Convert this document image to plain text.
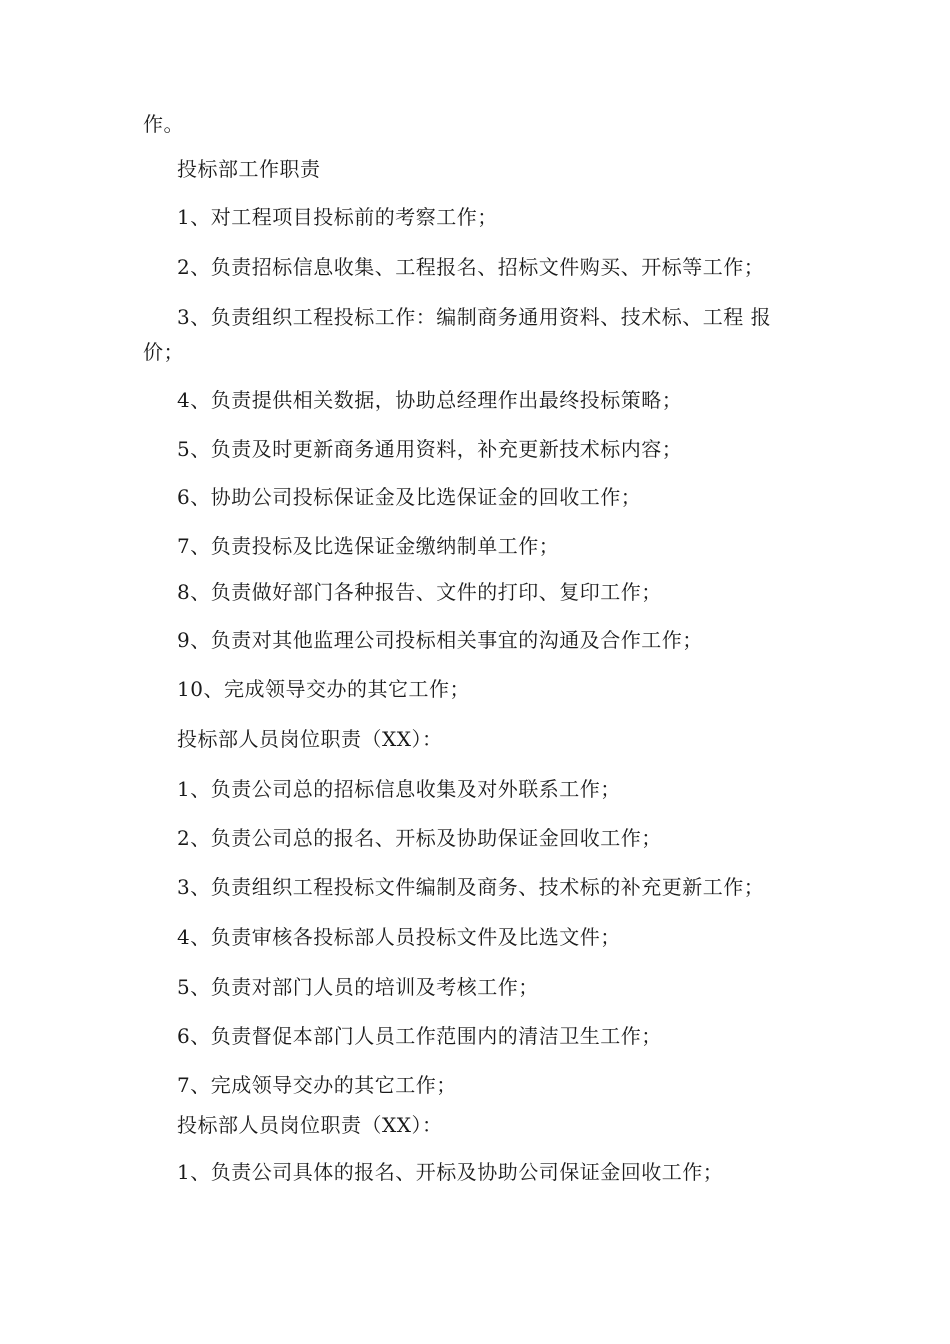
作。
投标部工作职责
1、对工程项目投标前的考察工作；
2、负责招标信息收集、工程报名、招标文件购买、开标等工作；
3、负责组织工程投标工作：编制商务通用资料、技术标、工程 报
价；
4、负责提供相关数据，协助总经理作出最终投标策略；
5、负责及时更新商务通用资料，补充更新技术标内容；
6、协助公司投标保证金及比选保证金的回收工作；
7、负责投标及比选保证金缴纳制单工作；
8、负责做好部门各种报告、文件的打印、复印工作；
9、负责对其他监理公司投标相关事宜的沟通及合作工作；
10、完成领导交办的其它工作；
投标部人员岗位职责（XX）：
1、负责公司总的招标信息收集及对外联系工作；
2、负责公司总的报名、开标及协助保证金回收工作；
3、负责组织工程投标文件编制及商务、技术标的补充更新工作；
4、负责审核各投标部人员投标文件及比选文件；
5、负责对部门人员的培训及考核工作；
6、负责督促本部门人员工作范围内的清洁卫生工作；
7、完成领导交办的其它工作；
投标部人员岗位职责（XX）：
1、负责公司具体的报名、开标及协助公司保证金回收工作；
